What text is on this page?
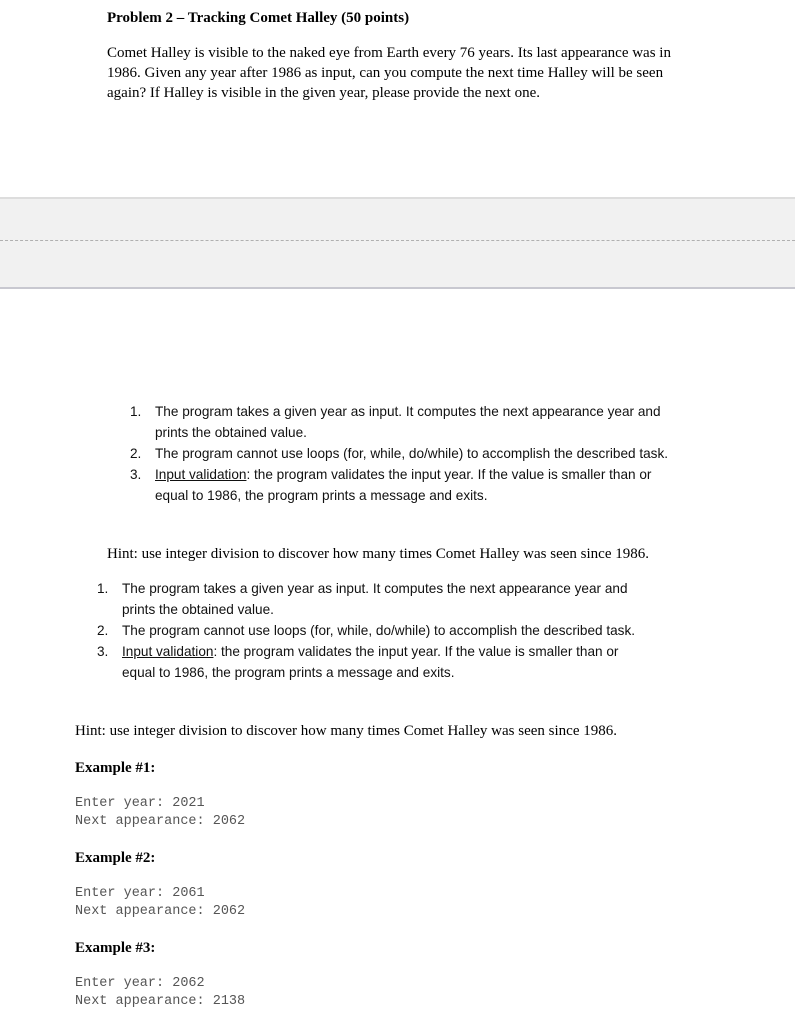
Problem 2 – Tracking Comet Halley (50 points)

Comet Halley is visible to the naked eye from Earth every 76 years. Its last appearance was in 1986. Given any year after 1986 as input, can you compute the next time Halley will be seen again? If Halley is visible in the given year, please provide the next one.

1. The program takes a given year as input. It computes the next appearance year and prints the obtained value.
2. The program cannot use loops (for, while, do/while) to accomplish the described task.
3. Input validation: the program validates the input year. If the value is smaller than or equal to 1986, the program prints a message and exits.

Hint: use integer division to discover how many times Comet Halley was seen since 1986.

1. The program takes a given year as input. It computes the next appearance year and prints the obtained value.
2. The program cannot use loops (for, while, do/while) to accomplish the described task.
3. Input validation: the program validates the input year. If the value is smaller than or equal to 1986, the program prints a message and exits.

Hint: use integer division to discover how many times Comet Halley was seen since 1986.

Example #1:

Enter year: 2021
Next appearance: 2062

Example #2:

Enter year: 2061
Next appearance: 2062

Example #3:

Enter year: 2062
Next appearance: 2138
